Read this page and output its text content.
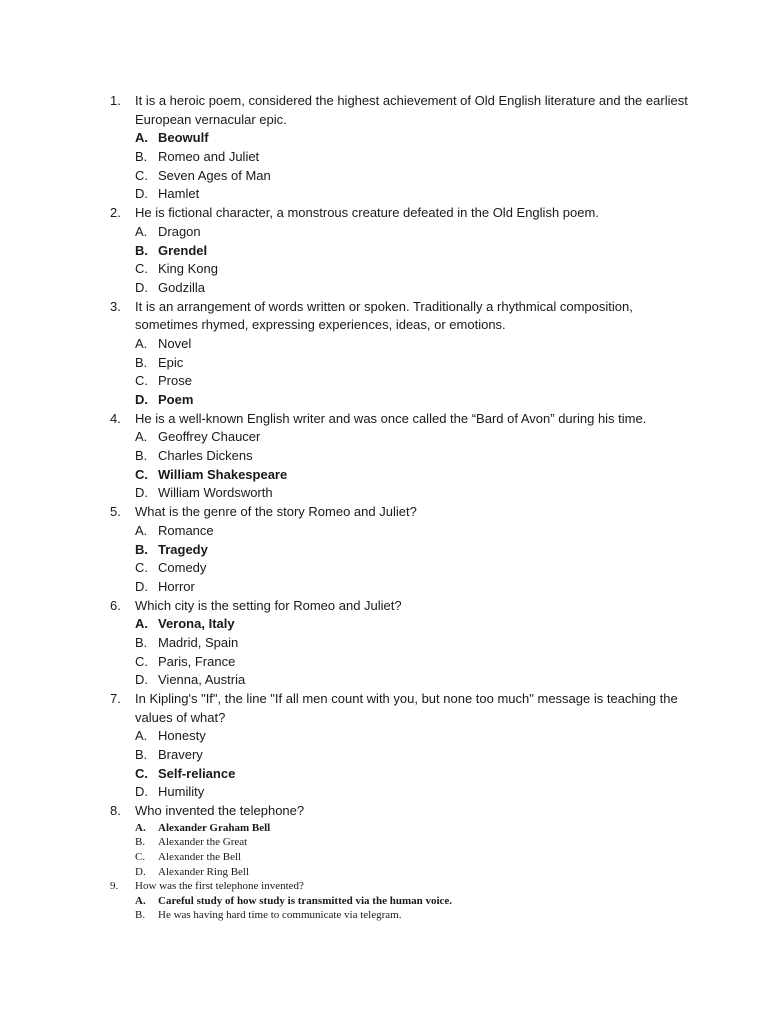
1.	It is a heroic poem, considered the highest achievement of Old English literature and the earliest
European vernacular epic.
A. Beowulf
B. Romeo and Juliet
C. Seven Ages of Man
D. Hamlet
2.	He is fictional character, a monstrous creature defeated in the Old English poem.
A. Dragon
B. Grendel
C. King Kong
D. Godzilla
3.	It is an arrangement of words written or spoken. Traditionally a rhythmical composition,
sometimes rhymed, expressing experiences, ideas, or emotions.
A. Novel
B. Epic
C. Prose
D. Poem
4.	He is a well-known English writer and was once called the “Bard of Avon” during his time.
A. Geoffrey Chaucer
B. Charles Dickens
C. William Shakespeare
D. William Wordsworth
5.	What is the genre of the story Romeo and Juliet?
A. Romance
B. Tragedy
C. Comedy
D. Horror
6.	Which city is the setting for Romeo and Juliet?
A. Verona, Italy
B. Madrid, Spain
C. Paris, France
D. Vienna, Austria
7.	In Kipling's "If", the line "If all men count with you, but none too much" message is teaching the
values of what?
A. Honesty
B. Bravery
C. Self-reliance
D. Humility
8.	Who invented the telephone?
A. Alexander Graham Bell
B. Alexander the Great
C. Alexander the Bell
D. Alexander Ring Bell
9.	How was the first telephone invented?
A. Careful study of how study is transmitted via the human voice.
B. He was having hard time to communicate via telegram.
